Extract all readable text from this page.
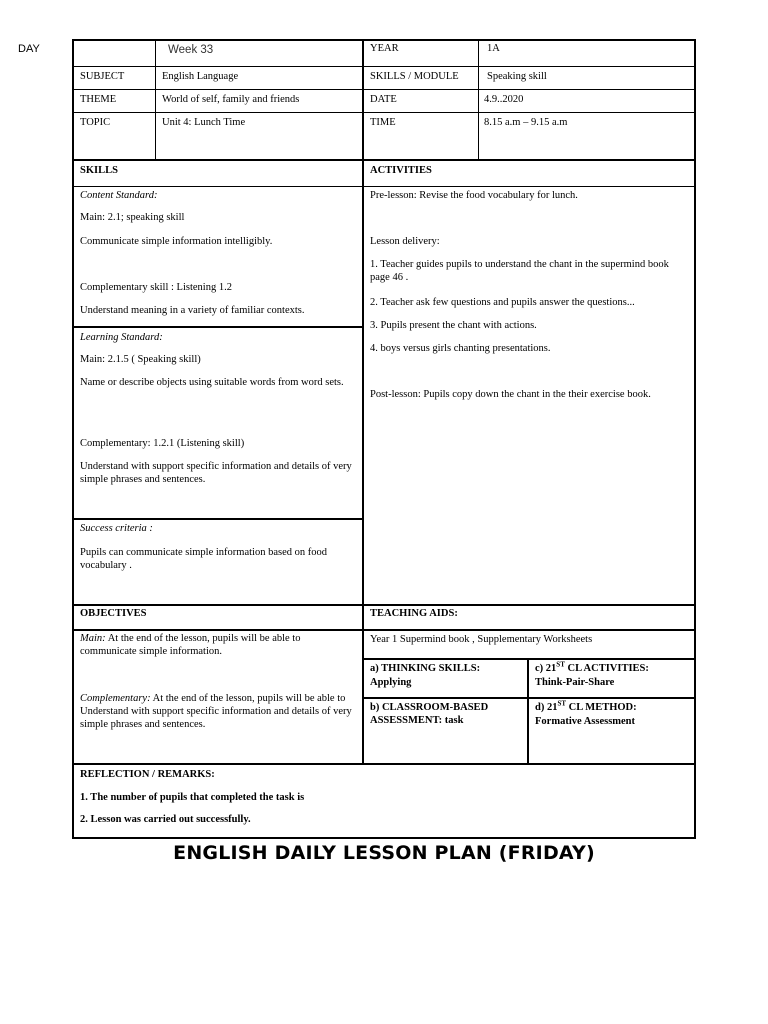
DAY	Week 33	YEAR	1A
SUBJECT	English Language	SKILLS / MODULE	Speaking skill
THEME	World of self, family and friends	DATE	4.9..2020
TOPIC	Unit 4: Lunch Time	TIME	8.15 a.m – 9.15 a.m
SKILLS	ACTIVITIES
Content Standard:
Main: 2.1; speaking skill
Communicate simple information intelligibly.
Complementary skill : Listening 1.2
Understand meaning in a variety of familiar contexts.
Learning Standard:
Main: 2.1.5 ( Speaking skill)
Name or describe objects using suitable words from word sets.
Complementary: 1.2.1 (Listening skill)
Understand with support specific information and details of very simple phrases and sentences.
Success criteria :
Pupils can communicate simple information based on food vocabulary .
Pre-lesson: Revise the food vocabulary for lunch.
Lesson delivery:
1. Teacher guides pupils to understand the chant in the supermind book page 46 .
2. Teacher ask few questions and pupils answer the questions...
3. Pupils present the chant with actions.
4. boys versus girls chanting presentations.
Post-lesson: Pupils copy down the chant in the their exercise book.
OBJECTIVES	TEACHING AIDS:
Main: At the end of the lesson, pupils will be able to communicate simple information.
Complementary: At the end of the lesson, pupils will be able to Understand with support specific information and details of very simple phrases and sentences.
Year 1 Supermind book , Supplementary Worksheets
a) THINKING SKILLS:
Applying
c) 21ST CL ACTIVITIES:
Think-Pair-Share
b) CLASSROOM-BASED ASSESSMENT: task
d) 21ST CL METHOD:
Formative Assessment
REFLECTION / REMARKS:
1. The number of pupils that completed the task is
2. Lesson was carried out successfully.
ENGLISH DAILY LESSON PLAN (FRIDAY)
